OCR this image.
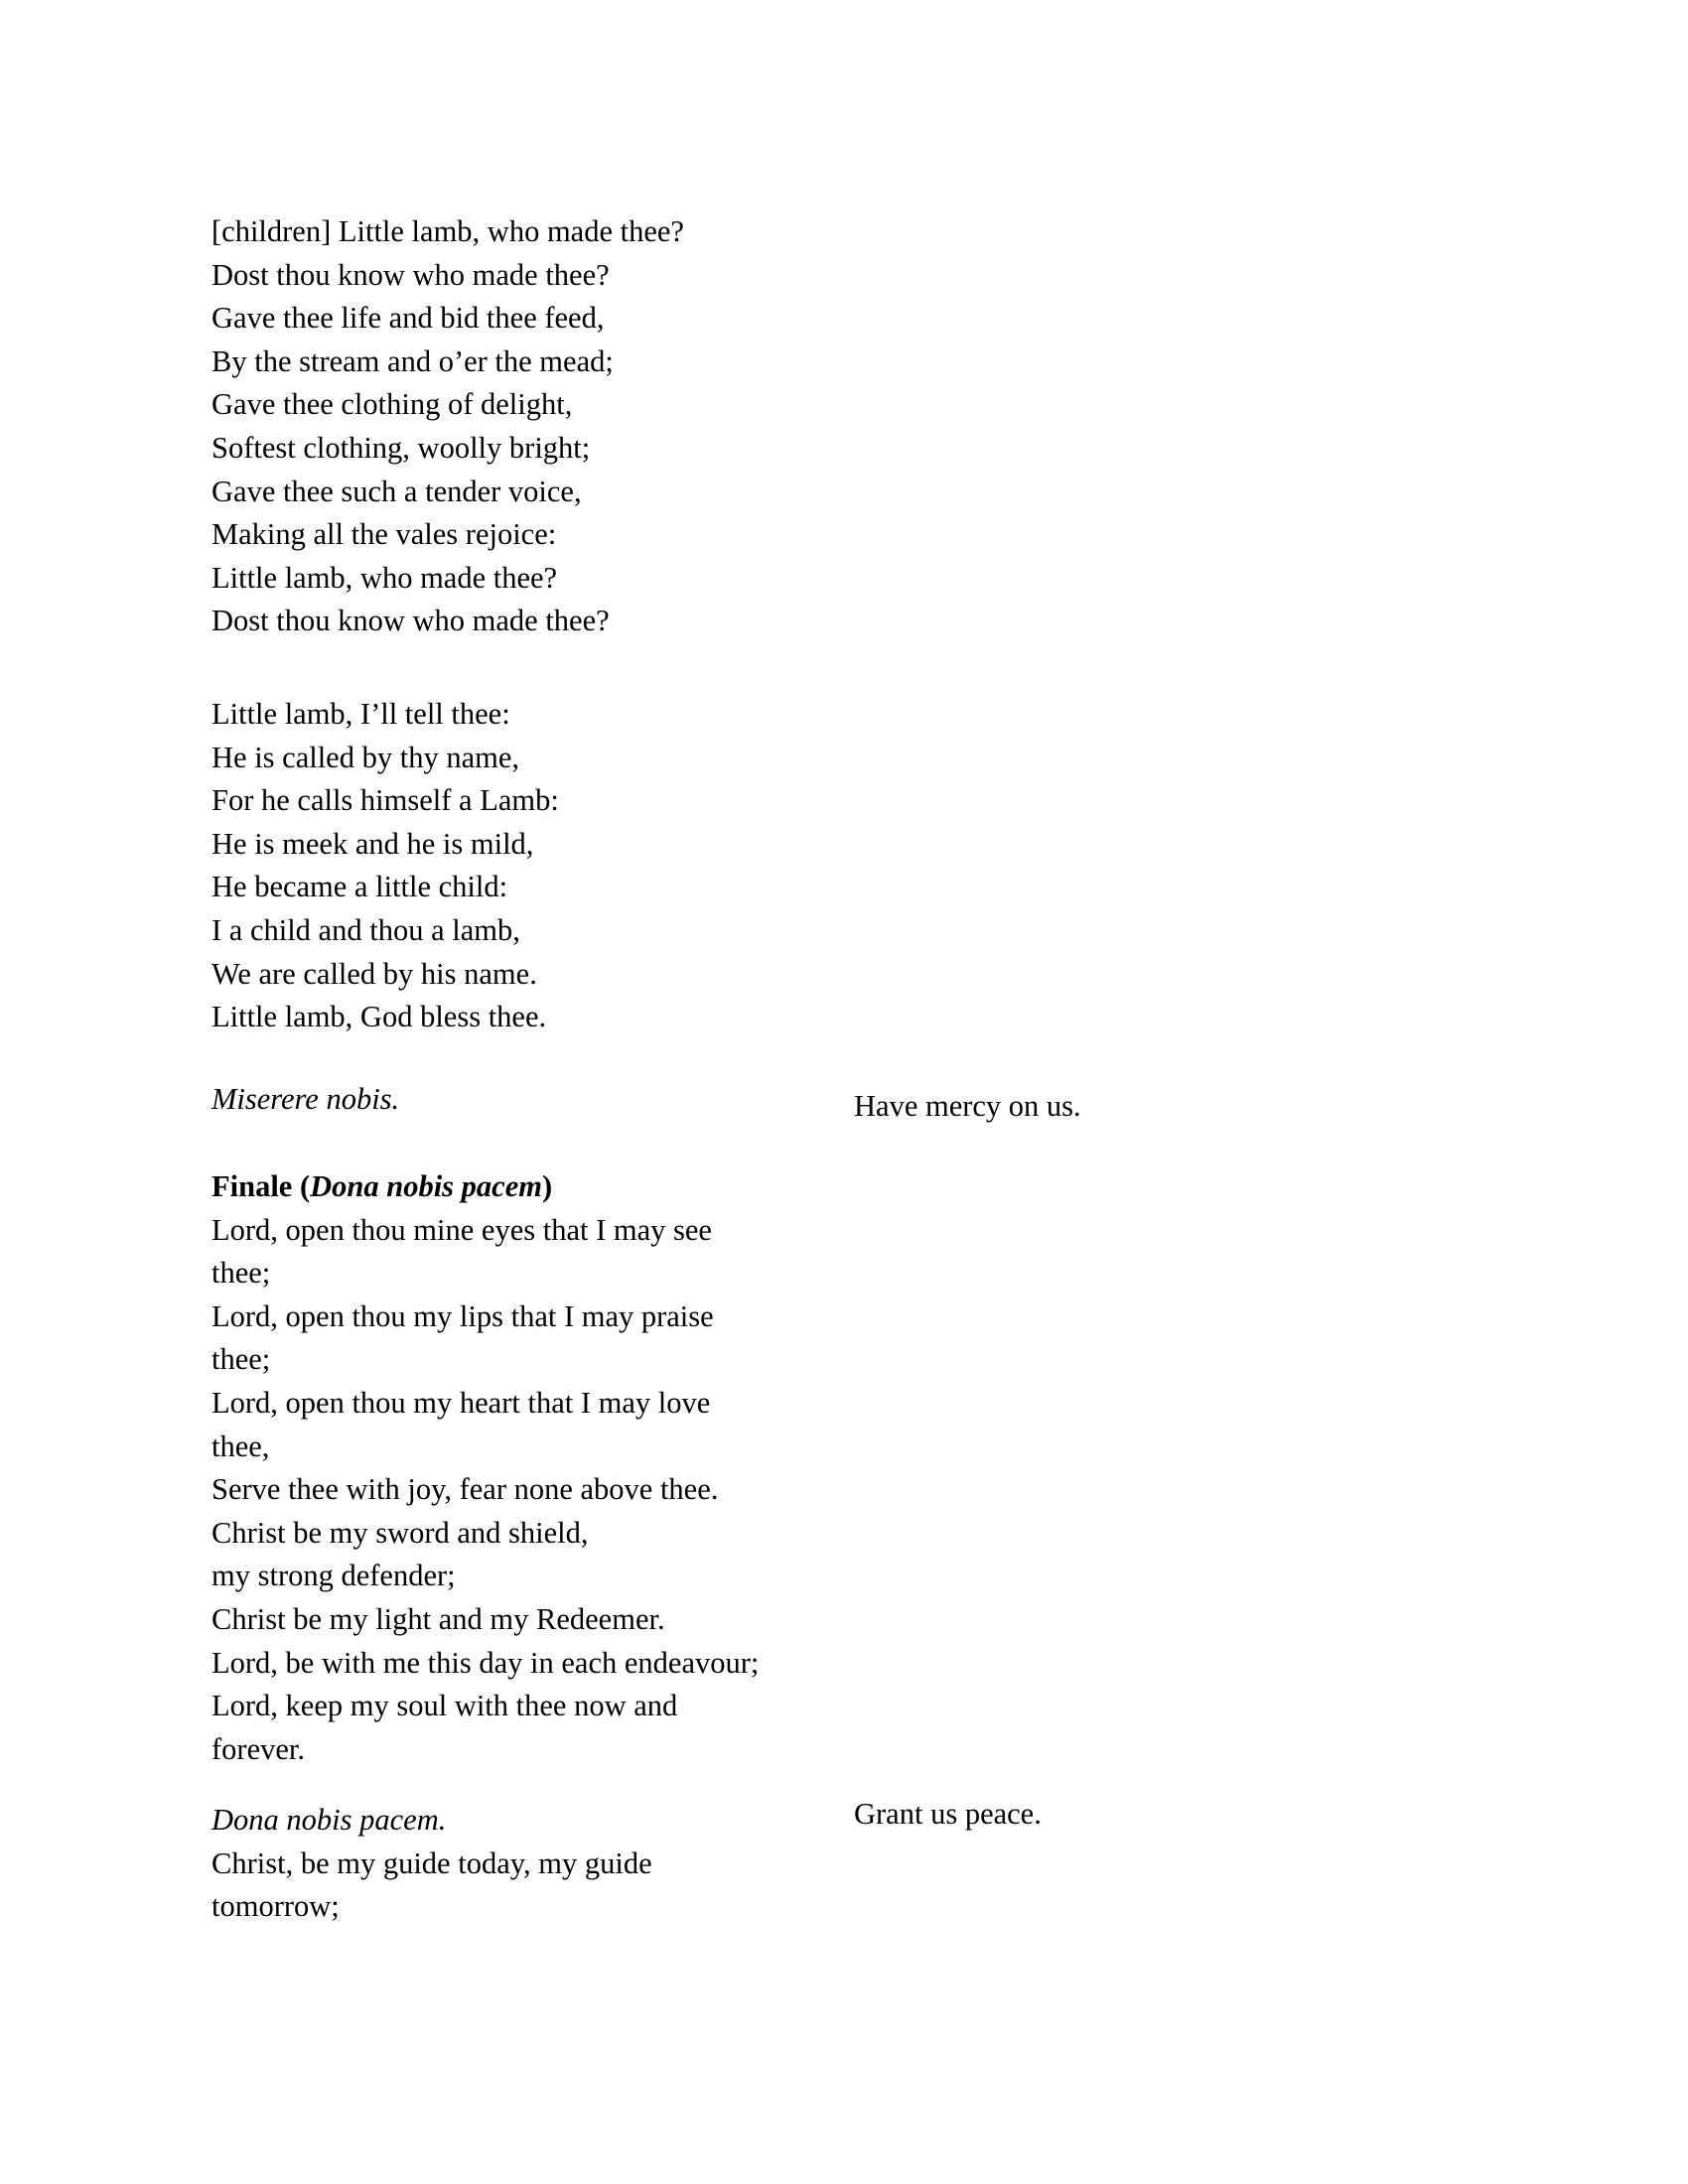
[children] Little lamb, who made thee?
Dost thou know who made thee?
Gave thee life and bid thee feed,
By the stream and o’er the mead;
Gave thee clothing of delight,
Softest clothing, woolly bright;
Gave thee such a tender voice,
Making all the vales rejoice:
Little lamb, who made thee?
Dost thou know who made thee?
Little lamb, I’ll tell thee:
He is called by thy name,
For he calls himself a Lamb:
He is meek and he is mild,
He became a little child:
I a child and thou a lamb,
We are called by his name.
Little lamb, God bless thee.
Miserere nobis.	Have mercy on us.
Finale (Dona nobis pacem)
Lord, open thou mine eyes that I may see
thee;
Lord, open thou my lips that I may praise
thee;
Lord, open thou my heart that I may love
thee,
Serve thee with joy, fear none above thee.
Christ be my sword and shield,
my strong defender;
Christ be my light and my Redeemer.
Lord, be with me this day in each endeavour;
Lord, keep my soul with thee now and
forever.
Dona nobis pacem.
Christ, be my guide today, my guide
tomorrow;
Grant us peace.
